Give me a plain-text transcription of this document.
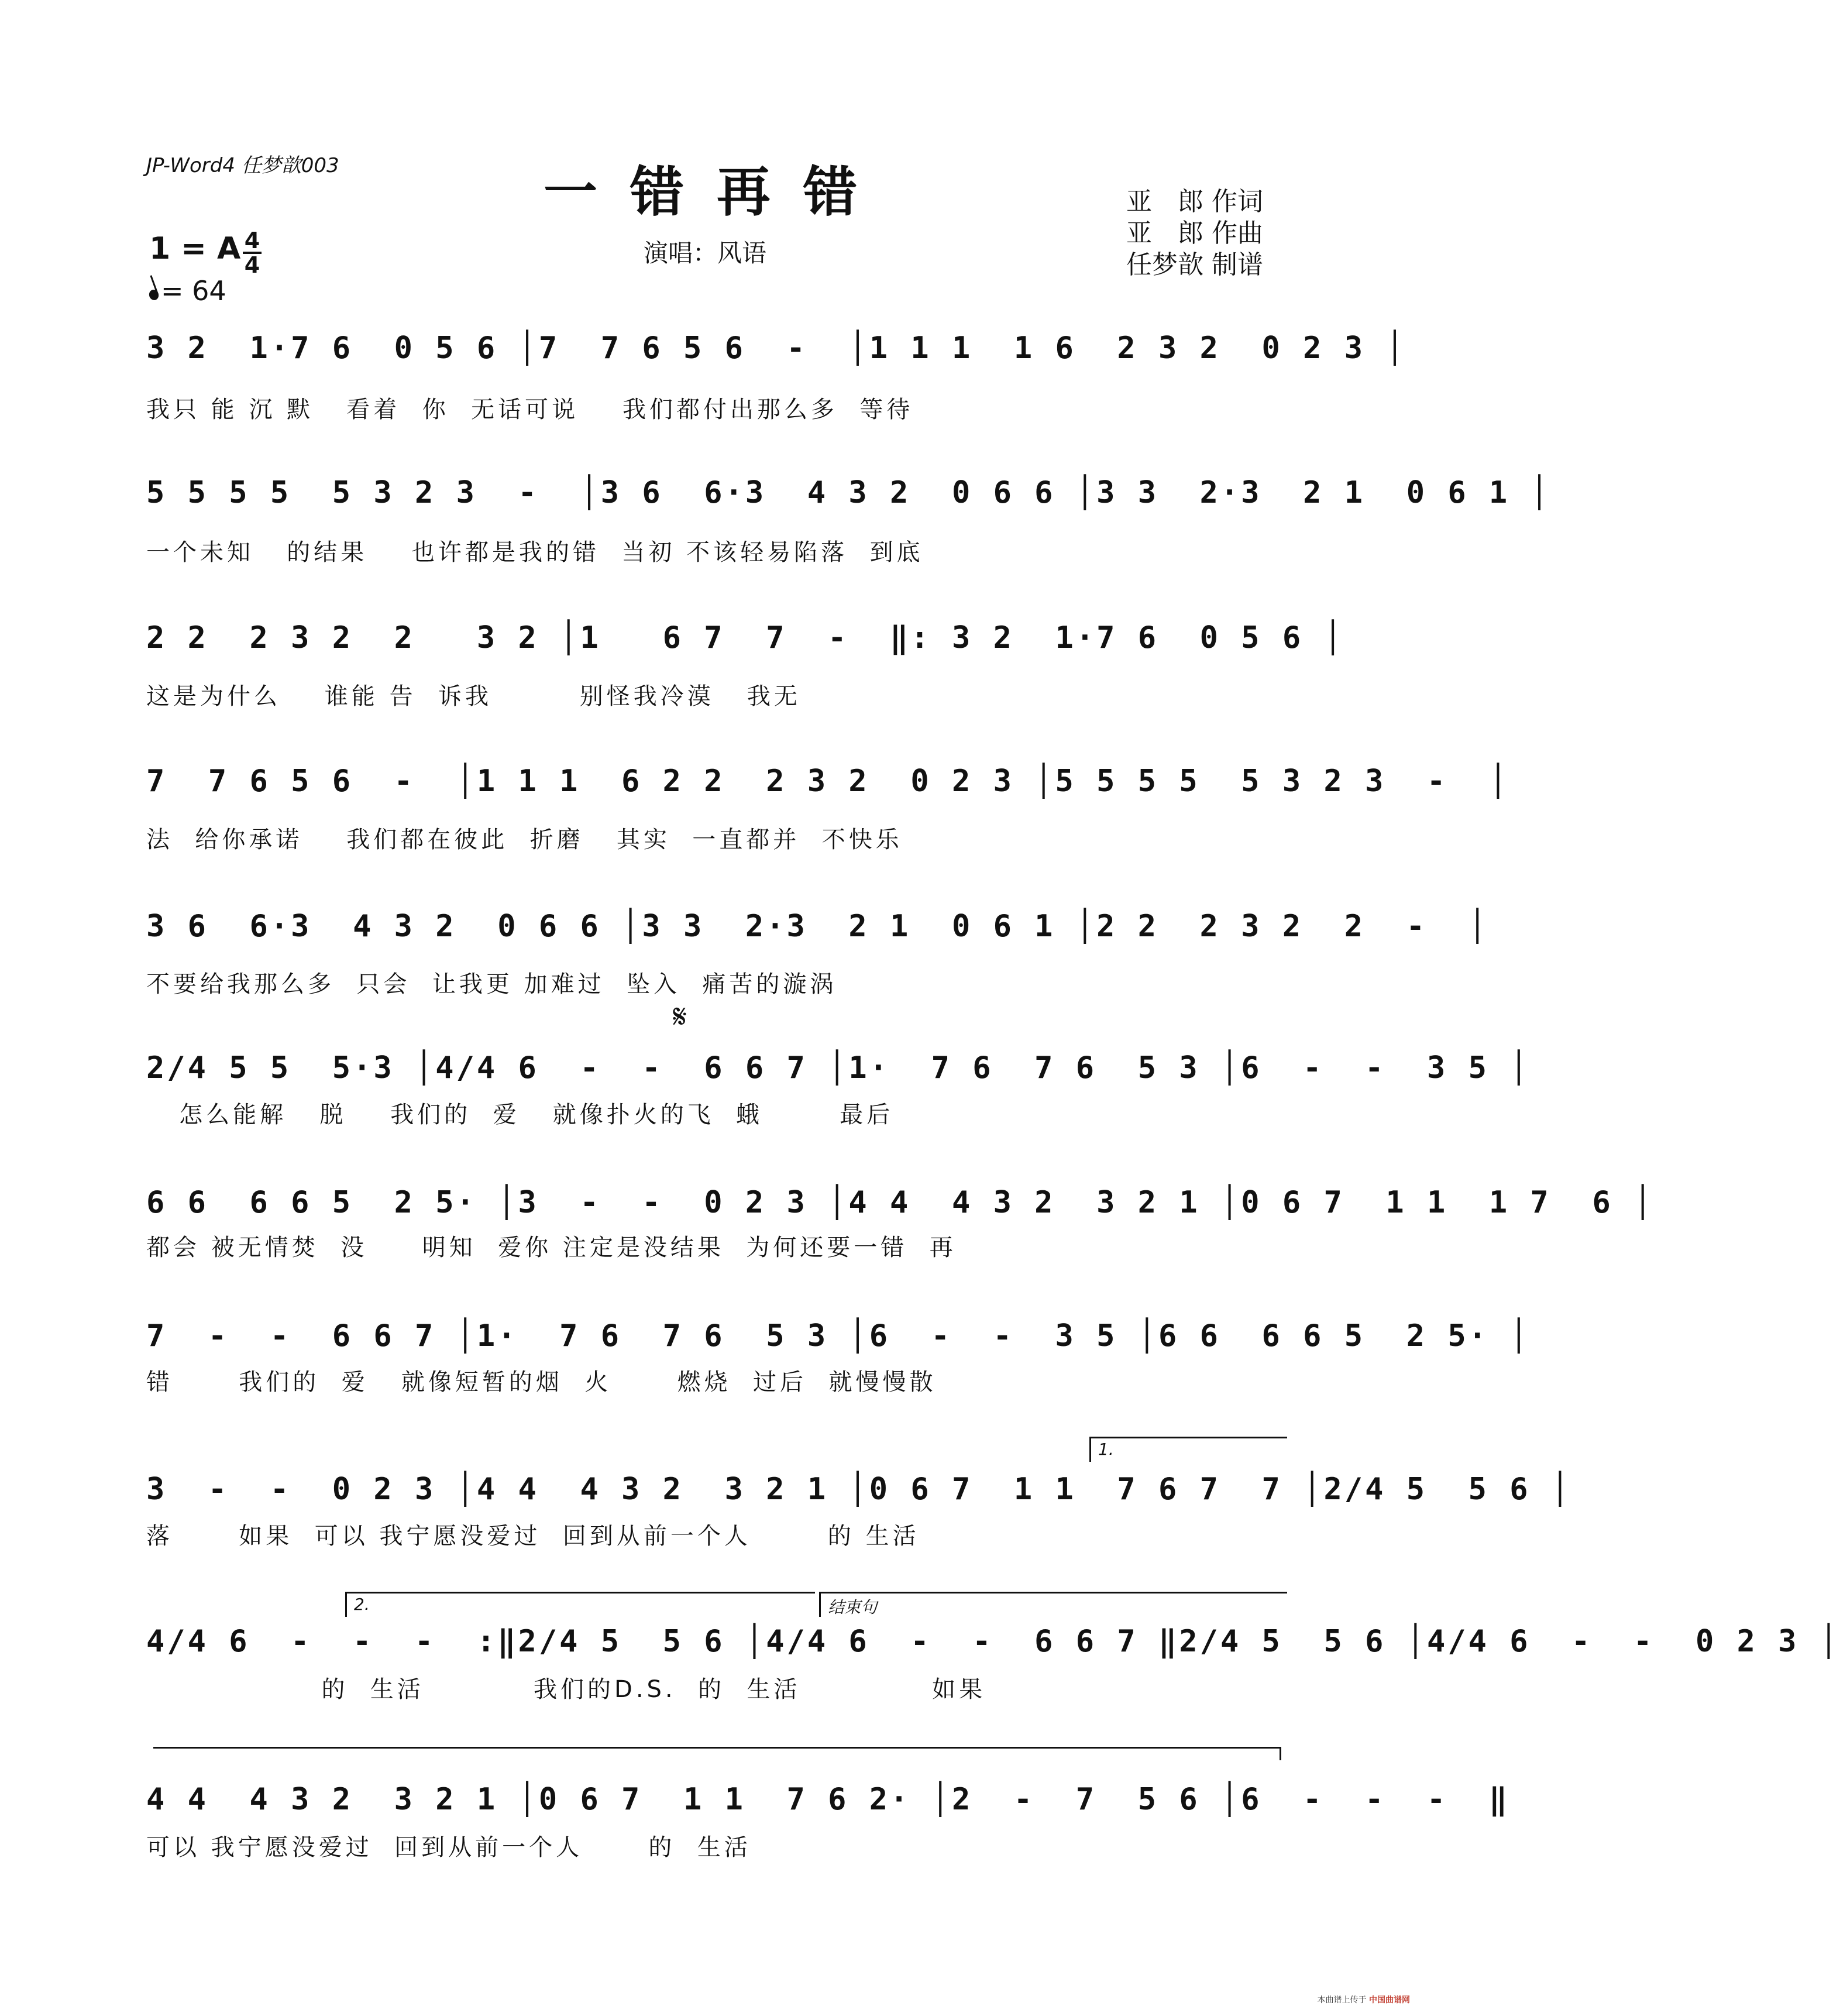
JP-Word4 任梦歆003	一错再错
演唱：风语
亚　郎 作词
亚　郎 作曲
任梦歆 制谱
1 = A 4
4
= 64
3 2  1·7 6  0 5 6 │7  7 6 5 6  -  │1 1 1  1 6  2 3 2  0 2 3 │
我只 能 沉 默   看着  你  无话可说    我们都付出那么多  等待
5 5 5 5  5 3 2 3  -  │3 6  6·3  4 3 2  0 6 6 │3 3  2·3  2 1  0 6 1 │
一个未知   的结果    也许都是我的错  当初 不该轻易陷落  到底
2 2  2 3 2  2   3 2 │1   6 7  7  -  ‖: 3 2  1·7 6  0 5 6 │
这是为什么    谁能 告  诉我        别怪我冷漠   我无
7  7 6 5 6  -  │1 1 1  6 2 2  2 3 2  0 2 3 │5 5 5 5  5 3 2 3  -  │
法  给你承诺    我们都在彼此  折磨   其实  一直都并  不快乐
3 6  6·3  4 3 2  0 6 6 │3 3  2·3  2 1  0 6 1 │2 2  2 3 2  2  -  │
不要给我那么多  只会  让我更 加难过  坠入  痛苦的漩涡
𝄋
2/4 5 5  5·3 │4/4 6  -  -  6 6 7 │1·  7 6  7 6  5 3 │6  -  -  3 5 │
怎么能解   脱    我们的  爱   就像扑火的飞  蛾       最后
6 6  6 6 5  2 5· │3  -  -  0 2 3 │4 4  4 3 2  3 2 1 │0 6 7  1 1  1 7  6 │
都会 被无情焚  没     明知  爱你 注定是没结果  为何还要一错  再
7  -  -  6 6 7 │1·  7 6  7 6  5 3 │6  -  -  3 5 │6 6  6 6 5  2 5· │
错      我们的  爱   就像短暂的烟  火      燃烧  过后  就慢慢散
1.
3  -  -  0 2 3 │4 4  4 3 2  3 2 1 │0 6 7  1 1  7 6 7  7 │2/4 5  5 6 │
落      如果  可以 我宁愿没爱过  回到从前一个人       的 生活
2.	结束句
4/4 6  -  -  -  :‖2/4 5  5 6 │4/4 6  -  -  6 6 7 ‖2/4 5  5 6 │4/4 6  -  -  0 2 3 │
的  生活          我们的D.S.  的  生活            如果
4 4  4 3 2  3 2 1 │0 6 7  1 1  7 6 2· │2  -  7  5 6 │6  -  -  -  ‖
可以 我宁愿没爱过  回到从前一个人      的  生活
本曲谱上传于 中国曲谱网
